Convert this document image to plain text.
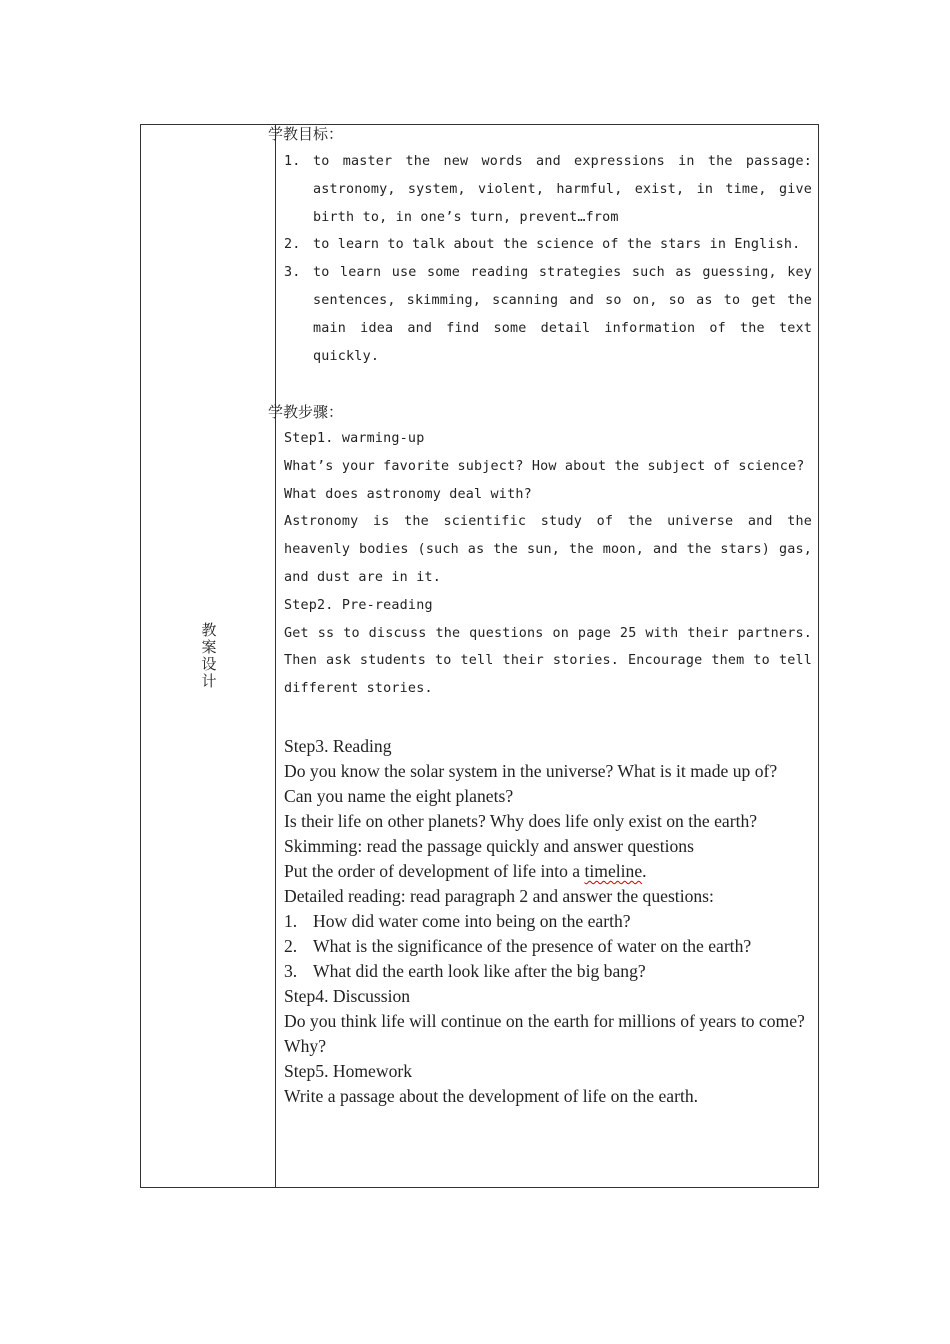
教案设计
学教目标：
1. to master the new words and expressions in the passage: astronomy, system, violent, harmful, exist, in time, give birth to, in one’s turn, prevent…from
2. to learn to talk about the science of the stars in English.
3. to learn use some reading strategies such as guessing, key sentences, skimming, scanning and so on, so as to get the main idea and find some detail information of the text quickly.
学教步骤：

Step1. warming-up

What’s your favorite subject? How about the subject of science?

What does astronomy deal with?

Astronomy is the scientific study of the universe and the heavenly bodies (such as the sun, the moon, and the stars) gas, and dust are in it.

Step2. Pre-reading

Get ss to discuss the questions on page 25 with their partners. Then ask students to tell their stories. Encourage them to tell different stories.

Step3. Reading

Do you know the solar system in the universe? What is it made up of?

Can you name the eight planets?

Is their life on other planets? Why does life only exist on the earth?

Skimming: read the passage quickly and answer questions

Put the order of development of life into a timeline.

Detailed reading: read paragraph 2 and answer the questions:

1. How did water come into being on the earth?
2. What is the significance of the presence of water on the earth?
3. What did the earth look like after the big bang?

Step4. Discussion

Do you think life will continue on the earth for millions of years to come? Why?

Step5. Homework

Write a passage about the development of life on the earth.
